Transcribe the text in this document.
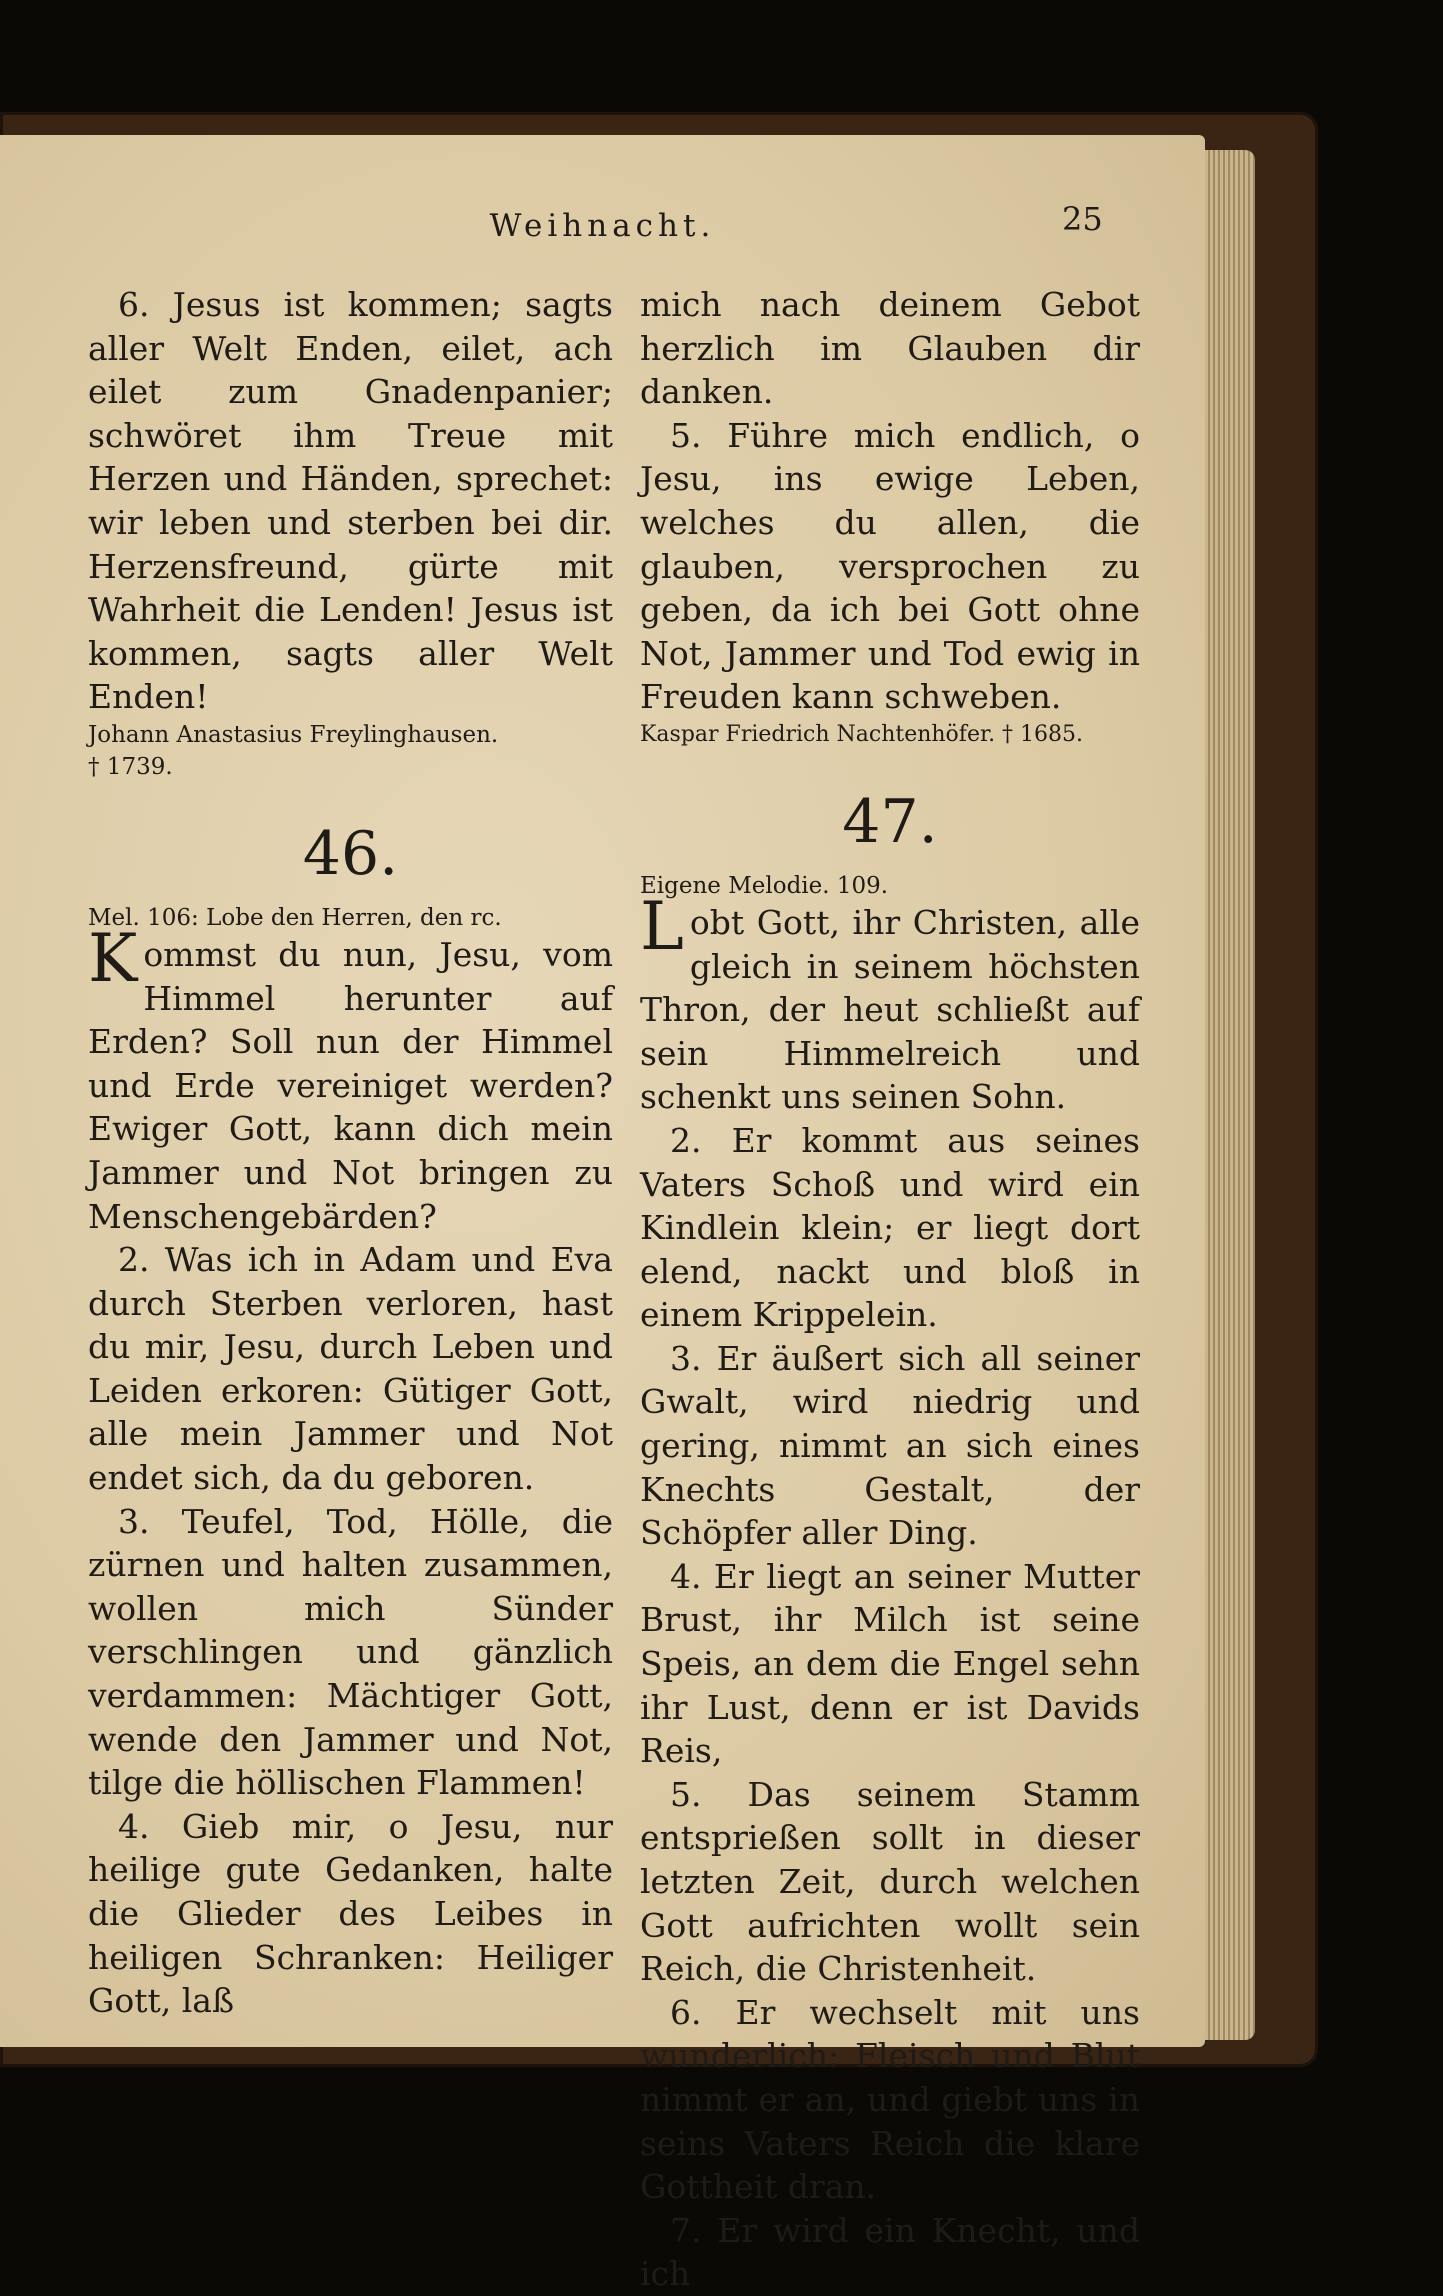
Weihnacht.	25

6. Jesus ist kommen; sagts aller Welt Enden, eilet, ach eilet zum Gnadenpanier; schwöret ihm Treue mit Herzen und Händen, sprechet: wir leben und sterben bei dir. Herzensfreund, gürte mit Wahrheit die Lenden! Jesus ist kommen, sagts aller Welt Enden!

Johann Anastasius Freylinghausen.

† 1739.

46.

Mel. 106: Lobe den Herren, den rc.

Kommst du nun, Jesu, vom Himmel herunter auf Erden? Soll nun der Himmel und Erde vereiniget werden? Ewiger Gott, kann dich mein Jammer und Not bringen zu Menschengebärden?

2. Was ich in Adam und Eva durch Sterben verloren, hast du mir, Jesu, durch Leben und Leiden erkoren: Gütiger Gott, alle mein Jammer und Not endet sich, da du geboren.

3. Teufel, Tod, Hölle, die zürnen und halten zusammen, wollen mich Sünder verschlingen und gänzlich verdammen: Mächtiger Gott, wende den Jammer und Not, tilge die höllischen Flammen!

4. Gieb mir, o Jesu, nur heilige gute Gedanken, halte die Glieder des Leibes in heiligen Schranken: Heiliger Gott, laß

mich nach deinem Gebot herzlich im Glauben dir danken.

5. Führe mich endlich, o Jesu, ins ewige Leben, welches du allen, die glauben, versprochen zu geben, da ich bei Gott ohne Not, Jammer und Tod ewig in Freuden kann schweben.

Kaspar Friedrich Nachtenhöfer. † 1685.

47.

Eigene Melodie. 109.

Lobt Gott, ihr Christen, alle gleich in seinem höchsten Thron, der heut schließt auf sein Himmelreich und schenkt uns seinen Sohn.

2. Er kommt aus seines Vaters Schoß und wird ein Kindlein klein; er liegt dort elend, nackt und bloß in einem Krippelein.

3. Er äußert sich all seiner Gwalt, wird niedrig und gering, nimmt an sich eines Knechts Gestalt, der Schöpfer aller Ding.

4. Er liegt an seiner Mutter Brust, ihr Milch ist seine Speis, an dem die Engel sehn ihr Lust, denn er ist Davids Reis,

5. Das seinem Stamm entsprießen sollt in dieser letzten Zeit, durch welchen Gott aufrichten wollt sein Reich, die Christenheit.

6. Er wechselt mit uns wunderlich: Fleisch und Blut nimmt er an, und giebt uns in seins Vaters Reich die klare Gottheit dran.

7. Er wird ein Knecht, und ich
